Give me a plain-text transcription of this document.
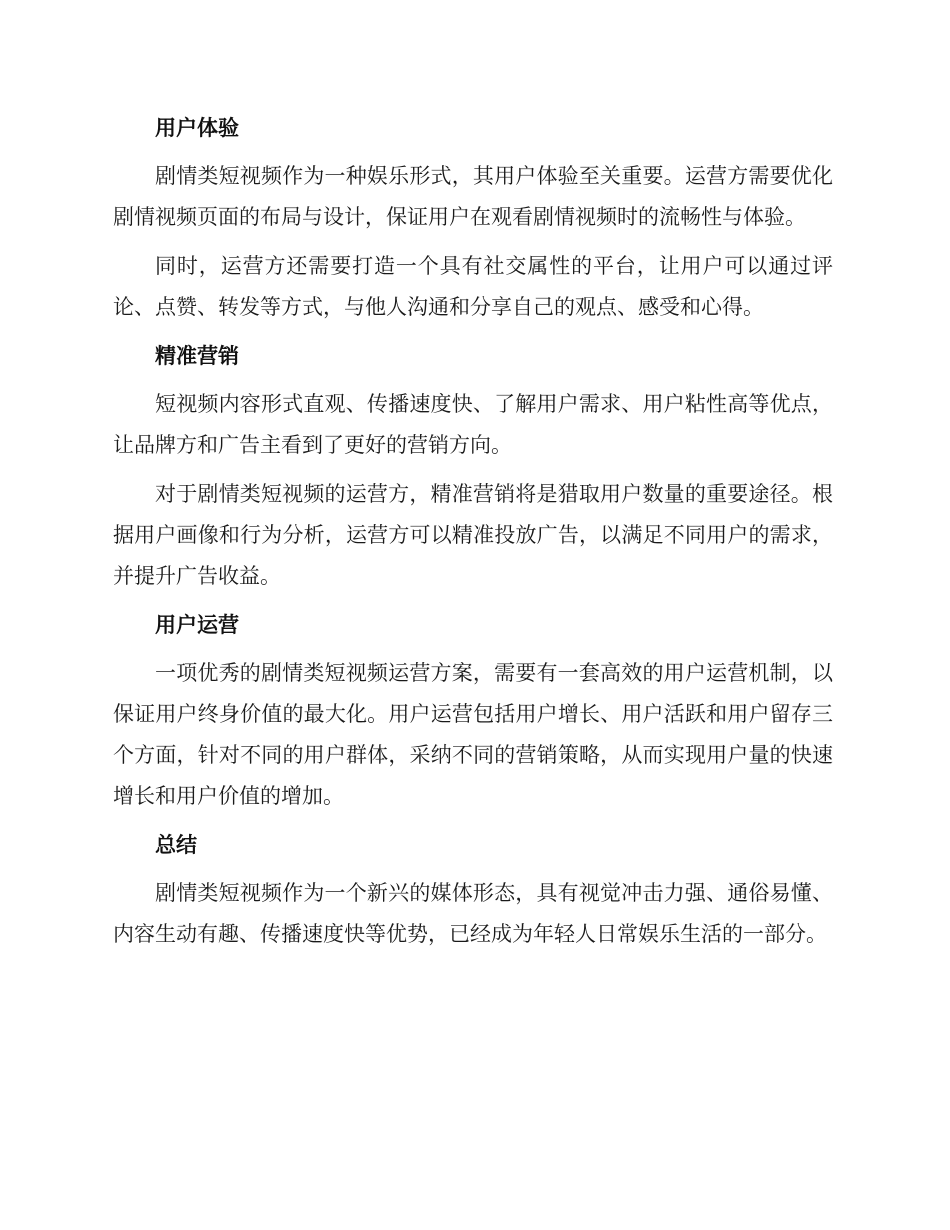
用户体验

剧情类短视频作为一种娱乐形式，其用户体验至关重要。运营方需要优化剧情视频页面的布局与设计，保证用户在观看剧情视频时的流畅性与体验。

同时，运营方还需要打造一个具有社交属性的平台，让用户可以通过评论、点赞、转发等方式，与他人沟通和分享自己的观点、感受和心得。

精准营销

短视频内容形式直观、传播速度快、了解用户需求、用户粘性高等优点，让品牌方和广告主看到了更好的营销方向。

对于剧情类短视频的运营方，精准营销将是猎取用户数量的重要途径。根据用户画像和行为分析，运营方可以精准投放广告，以满足不同用户的需求，并提升广告收益。

用户运营

一项优秀的剧情类短视频运营方案，需要有一套高效的用户运营机制，以保证用户终身价值的最大化。用户运营包括用户增长、用户活跃和用户留存三个方面，针对不同的用户群体，采纳不同的营销策略，从而实现用户量的快速增长和用户价值的增加。

总结

剧情类短视频作为一个新兴的媒体形态，具有视觉冲击力强、通俗易懂、内容生动有趣、传播速度快等优势，已经成为年轻人日常娱乐生活的一部分。
